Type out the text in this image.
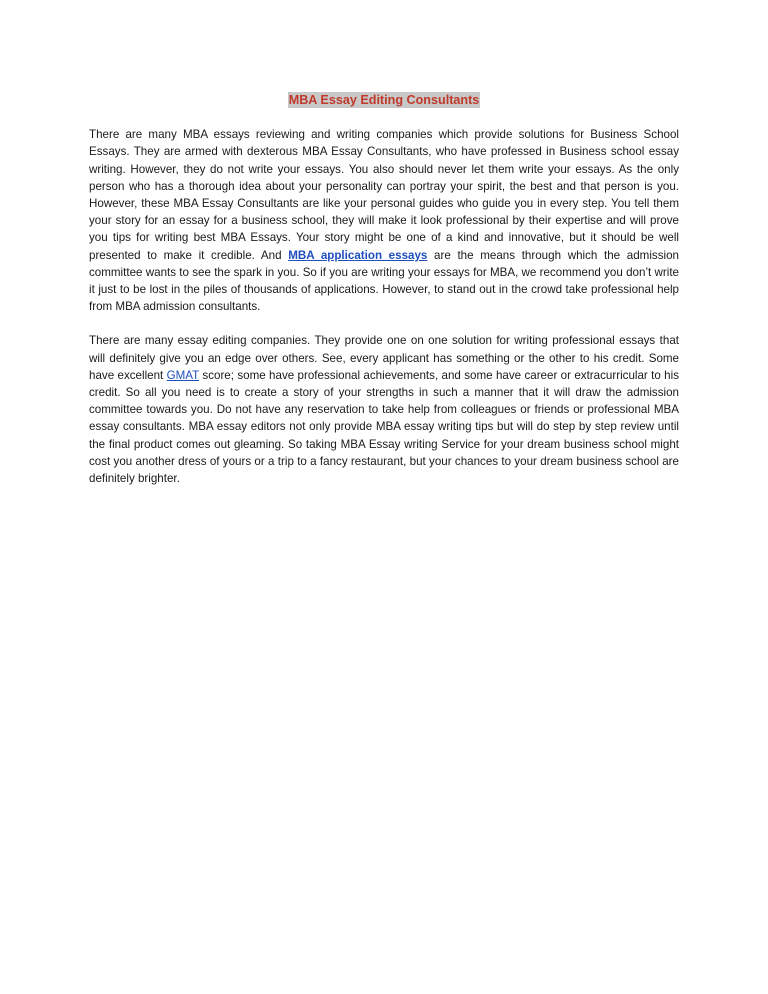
MBA Essay Editing Consultants

There are many MBA essays reviewing and writing companies which provide solutions for Business School Essays. They are armed with dexterous MBA Essay Consultants, who have professed in Business school essay writing. However, they do not write your essays. You also should never let them write your essays. As the only person who has a thorough idea about your personality can portray your spirit, the best and that person is you. However, these MBA Essay Consultants are like your personal guides who guide you in every step. You tell them your story for an essay for a business school, they will make it look professional by their expertise and will prove you tips for writing best MBA Essays. Your story might be one of a kind and innovative, but it should be well presented to make it credible. And MBA application essays are the means through which the admission committee wants to see the spark in you. So if you are writing your essays for MBA, we recommend you don’t write it just to be lost in the piles of thousands of applications. However, to stand out in the crowd take professional help from MBA admission consultants.

There are many essay editing companies. They provide one on one solution for writing professional essays that will definitely give you an edge over others. See, every applicant has something or the other to his credit. Some have excellent GMAT score; some have professional achievements, and some have career or extracurricular to his credit. So all you need is to create a story of your strengths in such a manner that it will draw the admission committee towards you. Do not have any reservation to take help from colleagues or friends or professional MBA essay consultants. MBA essay editors not only provide MBA essay writing tips but will do step by step review until the final product comes out gleaming. So taking MBA Essay writing Service for your dream business school might cost you another dress of yours or a trip to a fancy restaurant, but your chances to your dream business school are definitely brighter.
